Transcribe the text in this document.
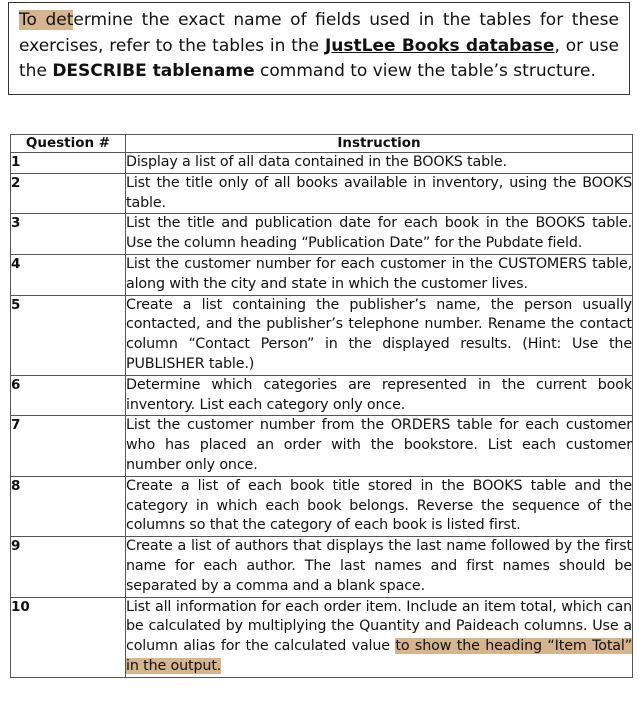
To determine the exact name of fields used in the tables for these exercises, refer to the tables in the JustLee Books database, or use the DESCRIBE tablename command to view the table’s structure.
Question #	Instruction
1	Display a list of all data contained in the BOOKS table.
2	List the title only of all books available in inventory, using the BOOKS table.
3	List the title and publication date for each book in the BOOKS table. Use the column heading “Publication Date” for the Pubdate field.
4	List the customer number for each customer in the CUSTOMERS table, along with the city and state in which the customer lives.
5	Create a list containing the publisher’s name, the person usually contacted, and the publisher’s telephone number. Rename the contact column “Contact Person” in the displayed results. (Hint: Use the PUBLISHER table.)
6	Determine which categories are represented in the current book inventory. List each category only once.
7	List the customer number from the ORDERS table for each customer who has placed an order with the bookstore. List each customer number only once.
8	Create a list of each book title stored in the BOOKS table and the category in which each book belongs. Reverse the sequence of the columns so that the category of each book is listed first.
9	Create a list of authors that displays the last name followed by the first name for each author. The last names and first names should be separated by a comma and a blank space.
10	List all information for each order item. Include an item total, which can be calculated by multiplying the Quantity and Paideach columns. Use a column alias for the calculated value to show the heading “Item Total” in the output.
